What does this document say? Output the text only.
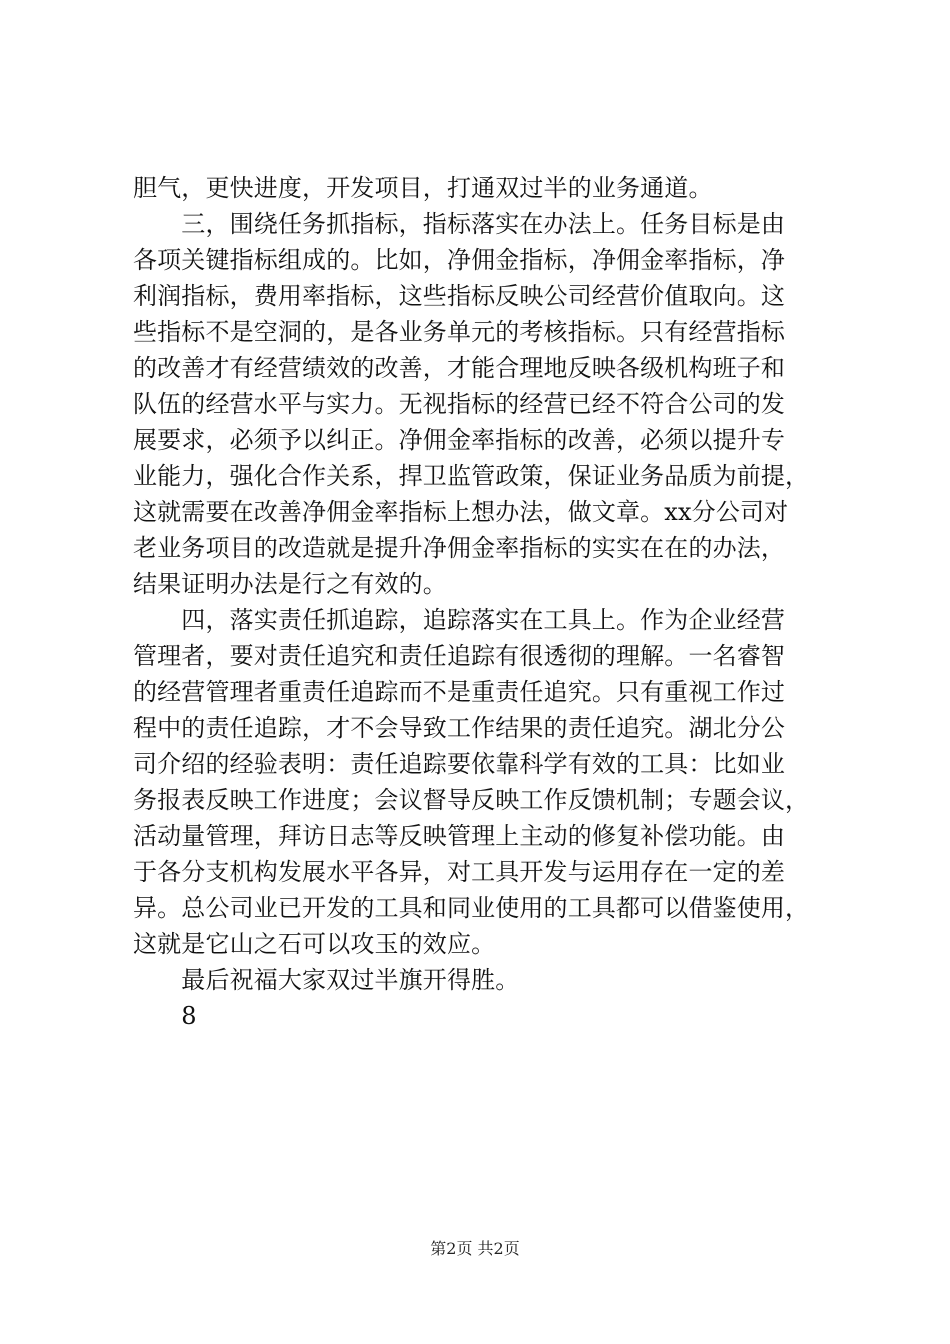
胆气，更快进度，开发项目，打通双过半的业务通道。
　　三，围绕任务抓指标，指标落实在办法上。任务目标是由
各项关键指标组成的。比如，净佣金指标，净佣金率指标，净
利润指标，费用率指标，这些指标反映公司经营价值取向。这
些指标不是空洞的，是各业务单元的考核指标。只有经营指标
的改善才有经营绩效的改善，才能合理地反映各级机构班子和
队伍的经营水平与实力。无视指标的经营已经不符合公司的发
展要求，必须予以纠正。净佣金率指标的改善，必须以提升专
业能力，强化合作关系，捍卫监管政策，保证业务品质为前提，
这就需要在改善净佣金率指标上想办法，做文章。xx分公司对
老业务项目的改造就是提升净佣金率指标的实实在在的办法，
结果证明办法是行之有效的。
　　四，落实责任抓追踪，追踪落实在工具上。作为企业经营
管理者，要对责任追究和责任追踪有很透彻的理解。一名睿智
的经营管理者重责任追踪而不是重责任追究。只有重视工作过
程中的责任追踪，才不会导致工作结果的责任追究。湖北分公
司介绍的经验表明：责任追踪要依靠科学有效的工具：比如业
务报表反映工作进度；会议督导反映工作反馈机制；专题会议，
活动量管理，拜访日志等反映管理上主动的修复补偿功能。由
于各分支机构发展水平各异，对工具开发与运用存在一定的差
异。总公司业已开发的工具和同业使用的工具都可以借鉴使用，
这就是它山之石可以攻玉的效应。
　　最后祝福大家双过半旗开得胜。
　　8
第2页 共2页
